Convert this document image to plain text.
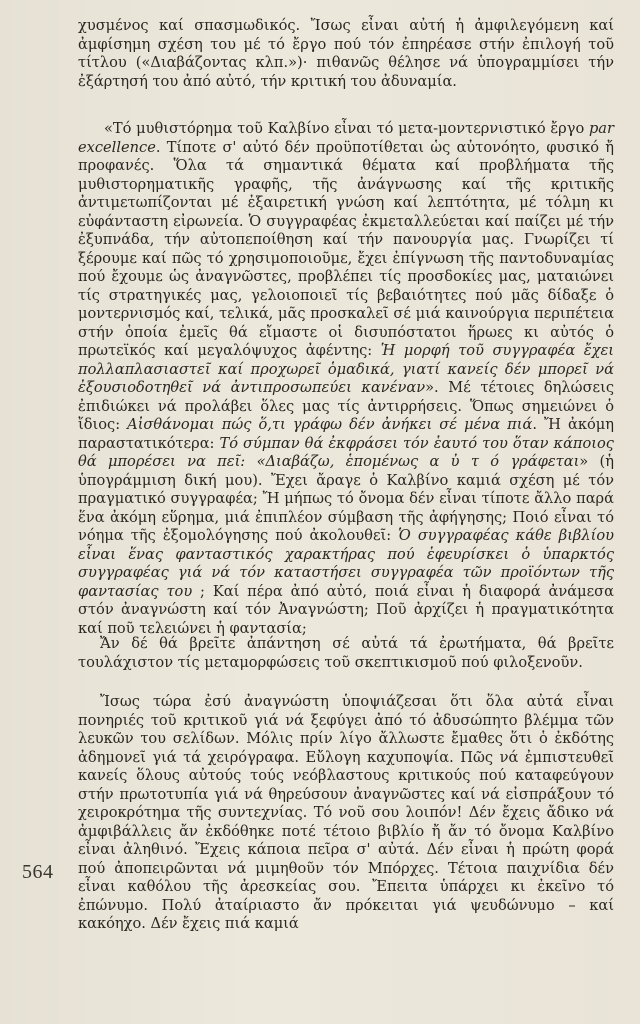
χυσμένος καί σπασμωδικός. Ἴσως εἶναι αὐτή ἡ ἀμφιλεγόμενη καί ἀμφίσημη σχέση του μέ τό ἔργο πού τόν ἐπηρέασε στήν ἐπιλογή τοῦ τίτλου («Διαβάζοντας κλπ.»)· πιθανῶς θέλησε νά ὑπογραμμίσει τήν ἐξάρτησή του ἀπό αὐτό, τήν κριτική του ἀδυναμία.

«Τό μυθιστόρημα τοῦ Καλβίνο εἶναι τό μετα-μοντερνιστικό ἔργο par excellence. Τίποτε σ' αὐτό δέν προϋποτίθεται ὡς αὐτονόητο, φυσικό ἤ προφανές. Ὅλα τά σημαντικά θέματα καί προβλήματα τῆς μυθιστορηματικῆς γραφῆς, τῆς ἀνάγνωσης καί τῆς κριτικῆς ἀντιμετωπίζονται μέ ἐξαιρετική γνώση καί λεπτότητα, μέ τόλμη κι εὐφάνταστη εἰρωνεία. Ὁ συγγραφέας ἐκμεταλλεύεται καί παίζει μέ τήν ἐξυπνάδα, τήν αὐτοπεποίθηση καί τήν πανουργία μας. Γνωρίζει τί ξέρουμε καί πῶς τό χρησιμοποιοῦμε, ἔχει ἐπίγνωση τῆς παντοδυναμίας πού ἔχουμε ὡς ἀναγνῶστες, προβλέπει τίς προσδοκίες μας, ματαιώνει τίς στρατηγικές μας, γελοιοποιεῖ τίς βεβαιότητες πού μᾶς δίδαξε ὁ μοντερνισμός καί, τελικά, μᾶς προσκαλεῖ σέ μιά καινούργια περιπέτεια στήν ὁποία ἐμεῖς θά εἴμαστε οἱ δισυπόστατοι ἥρωες κι αὐτός ὁ πρωτεϊκός καί μεγαλόψυχος ἀφέντης: Ἡ μορφή τοῦ συγγραφέα ἔχει πολλαπλασιαστεῖ καί προχωρεῖ ὁμαδικά, γιατί κανείς δέν μπορεῖ νά ἐξουσιοδοτηθεῖ νά ἀντιπροσωπεύει κανέναν». Μέ τέτοιες δηλώσεις ἐπιδιώκει νά προλάβει ὅλες μας τίς ἀντιρρήσεις. Ὅπως σημειώνει ὁ ἴδιος: Αἰσθάνομαι πώς ὅ,τι γράφω δέν ἀνήκει σέ μένα πιά. Ἤ ἀκόμη παραστατικότερα: Τό σύμπαν θά ἐκφράσει τόν ἑαυτό του ὅταν κάποιος θά μπορέσει να πεῖ: «Διαβάζω, ἑπομένως α ὐ τ ό γράφεται» (ἡ ὑπογράμμιση δική μου). Ἔχει ἄραγε ὁ Καλβίνο καμιά σχέση μέ τόν πραγματικό συγγραφέα; Ἤ μήπως τό ὄνομα δέν εἶναι τίποτε ἄλλο παρά ἕνα ἀκόμη εὕρημα, μιά ἐπιπλέον σύμβαση τῆς ἀφήγησης; Ποιό εἶναι τό νόημα τῆς ἐξομολόγησης πού ἀκολουθεῖ: Ὁ συγγραφέας κάθε βιβλίου εἶναι ἕνας φανταστικός χαρακτήρας πού ἐφευρίσκει ὁ ὑπαρκτός συγγραφέας γιά νά τόν καταστήσει συγγραφέα τῶν προϊόντων τῆς φαντασίας του ; Καί πέρα ἀπό αὐτό, ποιά εἶναι ἡ διαφορά ἀνάμεσα στόν ἀναγνώστη καί τόν Ἀναγνώστη; Ποῦ ἀρχίζει ἡ πραγματικότητα καί ποῦ τελειώνει ἡ φαντασία;

Ἄν δέ θά βρεῖτε ἀπάντηση σέ αὐτά τά ἐρωτήματα, θά βρεῖτε τουλάχιστον τίς μεταμορφώσεις τοῦ σκεπτικισμοῦ πού φιλοξενοῦν.

Ἴσως τώρα ἐσύ ἀναγνώστη ὑποψιάζεσαι ὅτι ὅλα αὐτά εἶναι πονηριές τοῦ κριτικοῦ γιά νά ξεφύγει ἀπό τό ἀδυσώπητο βλέμμα τῶν λευκῶν του σελίδων. Μόλις πρίν λίγο ἄλλωστε ἔμαθες ὅτι ὁ ἐκδότης ἀδημονεῖ γιά τά χειρόγραφα. Εὔλογη καχυποψία. Πῶς νά ἐμπιστευθεῖ κανείς ὅλους αὐτούς τούς νεόβλαστους κριτικούς πού καταφεύγουν στήν πρωτοτυπία γιά νά θηρεύσουν ἀναγνῶστες καί νά εἰσπράξουν τό χειροκρότημα τῆς συντεχνίας. Τό νοῦ σου λοιπόν! Δέν ἔχεις ἄδικο νά ἀμφιβάλλεις ἄν ἐκδόθηκε ποτέ τέτοιο βιβλίο ἤ ἄν τό ὄνομα Καλβίνο εἶναι ἀληθινό. Ἔχεις κάποια πεῖρα σ' αὐτά. Δέν εἶναι ἡ πρώτη φορά πού ἀποπειρῶνται νά μιμηθοῦν τόν Μπόρχες. Τέτοια παιχνίδια δέν εἶναι καθόλου τῆς ἀρεσκείας σου. Ἔπειτα ὑπάρχει κι ἐκεῖνο τό ἐπώνυμο. Πολύ ἀταίριαστο ἄν πρόκειται γιά ψευδώνυμο – καί κακόηχο. Δέν ἔχεις πιά καμιά

564
